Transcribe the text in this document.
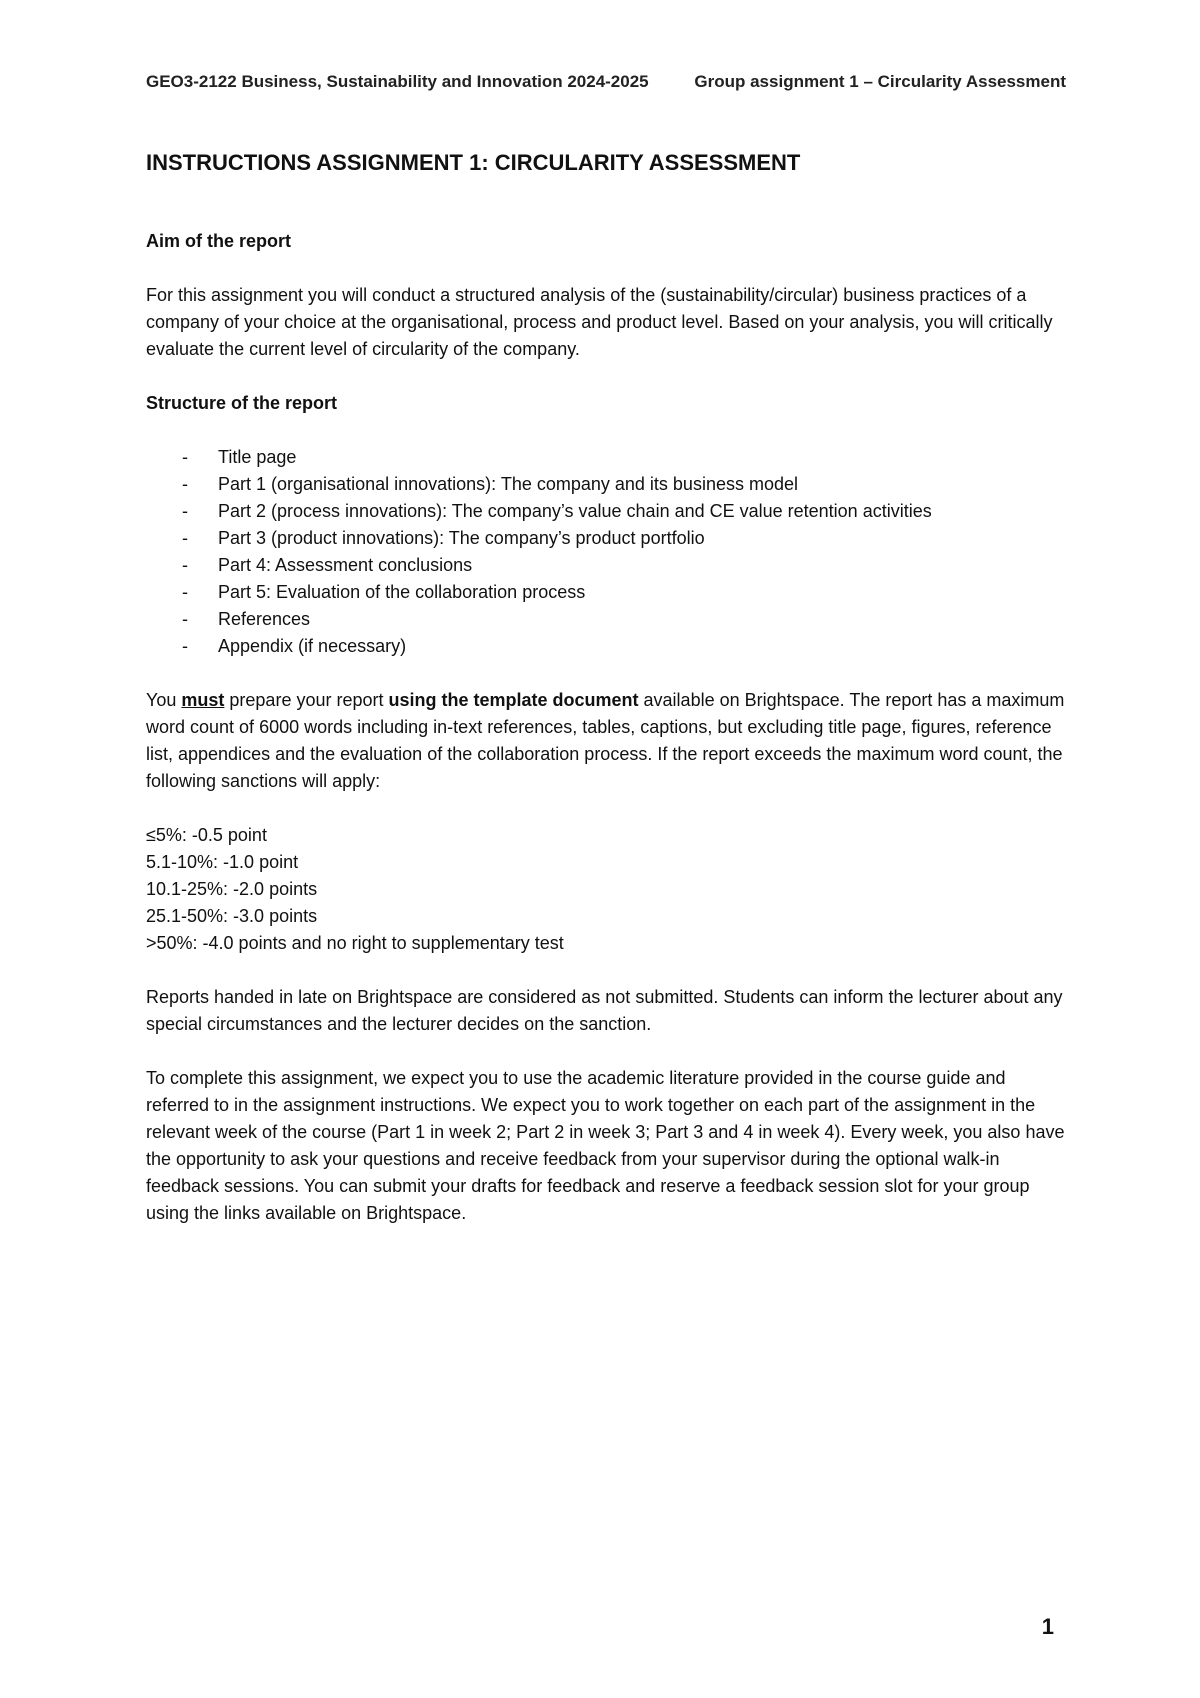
GEO3-2122 Business, Sustainability and Innovation 2024-2025	Group assignment 1 – Circularity Assessment
INSTRUCTIONS ASSIGNMENT 1: CIRCULARITY ASSESSMENT
Aim of the report

For this assignment you will conduct a structured analysis of the (sustainability/circular) business practices of a company of your choice at the organisational, process and product level. Based on your analysis, you will critically evaluate the current level of circularity of the company.

Structure of the report
- Title page
- Part 1 (organisational innovations): The company and its business model
- Part 2 (process innovations): The company’s value chain and CE value retention activities
- Part 3 (product innovations): The company’s product portfolio
- Part 4: Assessment conclusions
- Part 5: Evaluation of the collaboration process
- References
- Appendix (if necessary)

You must prepare your report using the template document available on Brightspace. The report has a maximum word count of 6000 words including in-text references, tables, captions, but excluding title page, figures, reference list, appendices and the evaluation of the collaboration process. If the report exceeds the maximum word count, the following sanctions will apply:

≤5%: -0.5 point
5.1-10%: -1.0 point
10.1-25%: -2.0 points
25.1-50%: -3.0 points
>50%: -4.0 points and no right to supplementary test

Reports handed in late on Brightspace are considered as not submitted. Students can inform the lecturer about any special circumstances and the lecturer decides on the sanction.

To complete this assignment, we expect you to use the academic literature provided in the course guide and referred to in the assignment instructions. We expect you to work together on each part of the assignment in the relevant week of the course (Part 1 in week 2; Part 2 in week 3; Part 3 and 4 in week 4). Every week, you also have the opportunity to ask your questions and receive feedback from your supervisor during the optional walk-in feedback sessions. You can submit your drafts for feedback and reserve a feedback session slot for your group using the links available on Brightspace.

1
